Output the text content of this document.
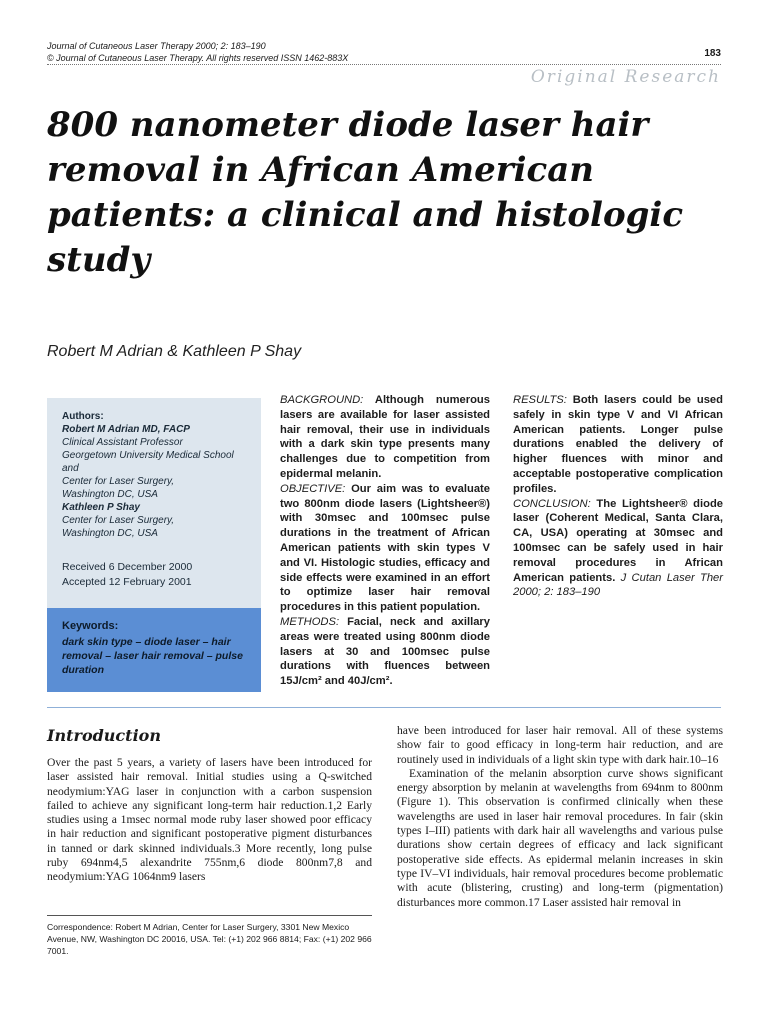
Journal of Cutaneous Laser Therapy 2000; 2: 183–190
© Journal of Cutaneous Laser Therapy. All rights reserved ISSN 1462-883X	183
Original Research
800 nanometer diode laser hair removal in African American patients: a clinical and histologic study
Robert M Adrian & Kathleen P Shay
Authors:
Robert M Adrian MD, FACP
Clinical Assistant Professor
Georgetown University Medical School
and
Center for Laser Surgery,
Washington DC, USA
Kathleen P Shay
Center for Laser Surgery,
Washington DC, USA
Received 6 December 2000
Accepted 12 February 2001
Keywords:
dark skin type – diode laser – hair removal – laser hair removal – pulse duration
BACKGROUND: Although numerous lasers are available for laser assisted hair removal, their use in individuals with a dark skin type presents many challenges due to competition from epidermal melanin.
OBJECTIVE: Our aim was to evaluate two 800nm diode lasers (Lightsheer®) with 30msec and 100msec pulse durations in the treatment of African American patients with skin types V and VI. Histologic studies, efficacy and side effects were examined in an effort to optimize laser hair removal procedures in this patient population.
METHODS: Facial, neck and axillary areas were treated using 800nm diode lasers at 30 and 100msec pulse durations with fluences between 15J/cm² and 40J/cm².
RESULTS: Both lasers could be used safely in skin type V and VI African American patients. Longer pulse durations enabled the delivery of higher fluences with minor and acceptable postoperative complication profiles.
CONCLUSION: The Lightsheer® diode laser (Coherent Medical, Santa Clara, CA, USA) operating at 30msec and 100msec can be safely used in hair removal procedures in African American patients. J Cutan Laser Ther 2000; 2: 183–190
Introduction
Over the past 5 years, a variety of lasers have been introduced for laser assisted hair removal. Initial studies using a Q-switched neodymium:YAG laser in conjunction with a carbon suspension failed to achieve any significant long-term hair reduction.1,2 Early studies using a 1msec normal mode ruby laser showed poor efficacy in hair reduction and significant postoperative pigment disturbances in tanned or dark skinned individuals.3 More recently, long pulse ruby 694nm4,5 alexandrite 755nm,6 diode 800nm7,8 and neodymium:YAG 1064nm9 lasers

have been introduced for laser hair removal. All of these systems show fair to good efficacy in long-term hair reduction, and are routinely used in individuals of a light skin type with dark hair.10–16

Examination of the melanin absorption curve shows significant energy absorption by melanin at wavelengths from 694nm to 800nm (Figure 1). This observation is confirmed clinically when these wavelengths are used in laser hair removal procedures. In fair (skin types I–III) patients with dark hair all wavelengths and various pulse durations show certain degrees of efficacy and lack significant postoperative side effects. As epidermal melanin increases in skin type IV–VI individuals, hair removal procedures become problematic with acute (blistering, crusting) and long-term (pigmentation) disturbances more common.17 Laser assisted hair removal in

Correspondence: Robert M Adrian, Center for Laser Surgery, 3301 New Mexico Avenue, NW, Washington DC 20016, USA. Tel: (+1) 202 966 8814; Fax: (+1) 202 966 7001.
